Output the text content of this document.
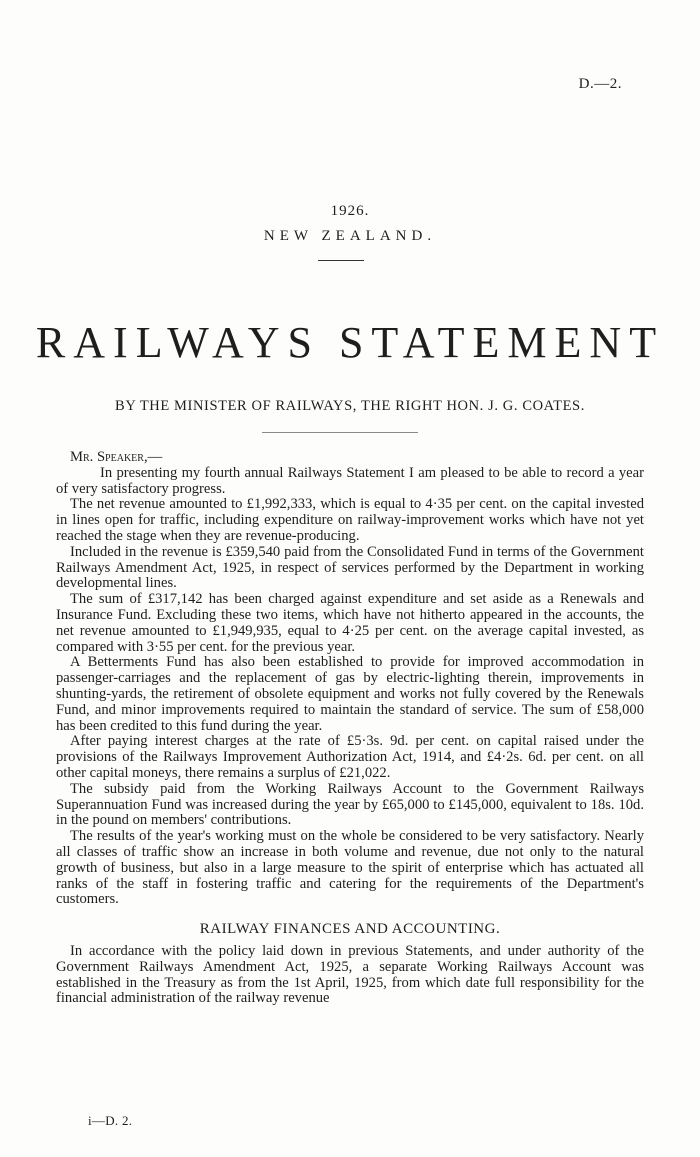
D.—2.
1926.
NEW ZEALAND.
RAILWAYS STATEMENT
BY THE MINISTER OF RAILWAYS, THE RIGHT HON. J. G. COATES.

Mr. Speaker,—

In presenting my fourth annual Railways Statement I am pleased to be able to record a year of very satisfactory progress.

The net revenue amounted to £1,992,333, which is equal to 4·35 per cent. on the capital invested in lines open for traffic, including expenditure on railway-improvement works which have not yet reached the stage when they are revenue-producing.

Included in the revenue is £359,540 paid from the Consolidated Fund in terms of the Government Railways Amendment Act, 1925, in respect of services performed by the Department in working developmental lines.

The sum of £317,142 has been charged against expenditure and set aside as a Renewals and Insurance Fund. Excluding these two items, which have not hitherto appeared in the accounts, the net revenue amounted to £1,949,935, equal to 4·25 per cent. on the average capital invested, as compared with 3·55 per cent. for the previous year.

A Betterments Fund has also been established to provide for improved accommodation in passenger-carriages and the replacement of gas by electric-lighting therein, improvements in shunting-yards, the retirement of obsolete equipment and works not fully covered by the Renewals Fund, and minor improvements required to maintain the standard of service. The sum of £58,000 has been credited to this fund during the year.

After paying interest charges at the rate of £5·3s. 9d. per cent. on capital raised under the provisions of the Railways Improvement Authorization Act, 1914, and £4·2s. 6d. per cent. on all other capital moneys, there remains a surplus of £21,022.

The subsidy paid from the Working Railways Account to the Government Railways Superannuation Fund was increased during the year by £65,000 to £145,000, equivalent to 18s. 10d. in the pound on members' contributions.

The results of the year's working must on the whole be considered to be very satisfactory. Nearly all classes of traffic show an increase in both volume and revenue, due not only to the natural growth of business, but also in a large measure to the spirit of enterprise which has actuated all ranks of the staff in fostering traffic and catering for the requirements of the Department's customers.

RAILWAY FINANCES AND ACCOUNTING.

In accordance with the policy laid down in previous Statements, and under authority of the Government Railways Amendment Act, 1925, a separate Working Railways Account was established in the Treasury as from the 1st April, 1925, from which date full responsibility for the financial administration of the railway revenue

i—D. 2.
